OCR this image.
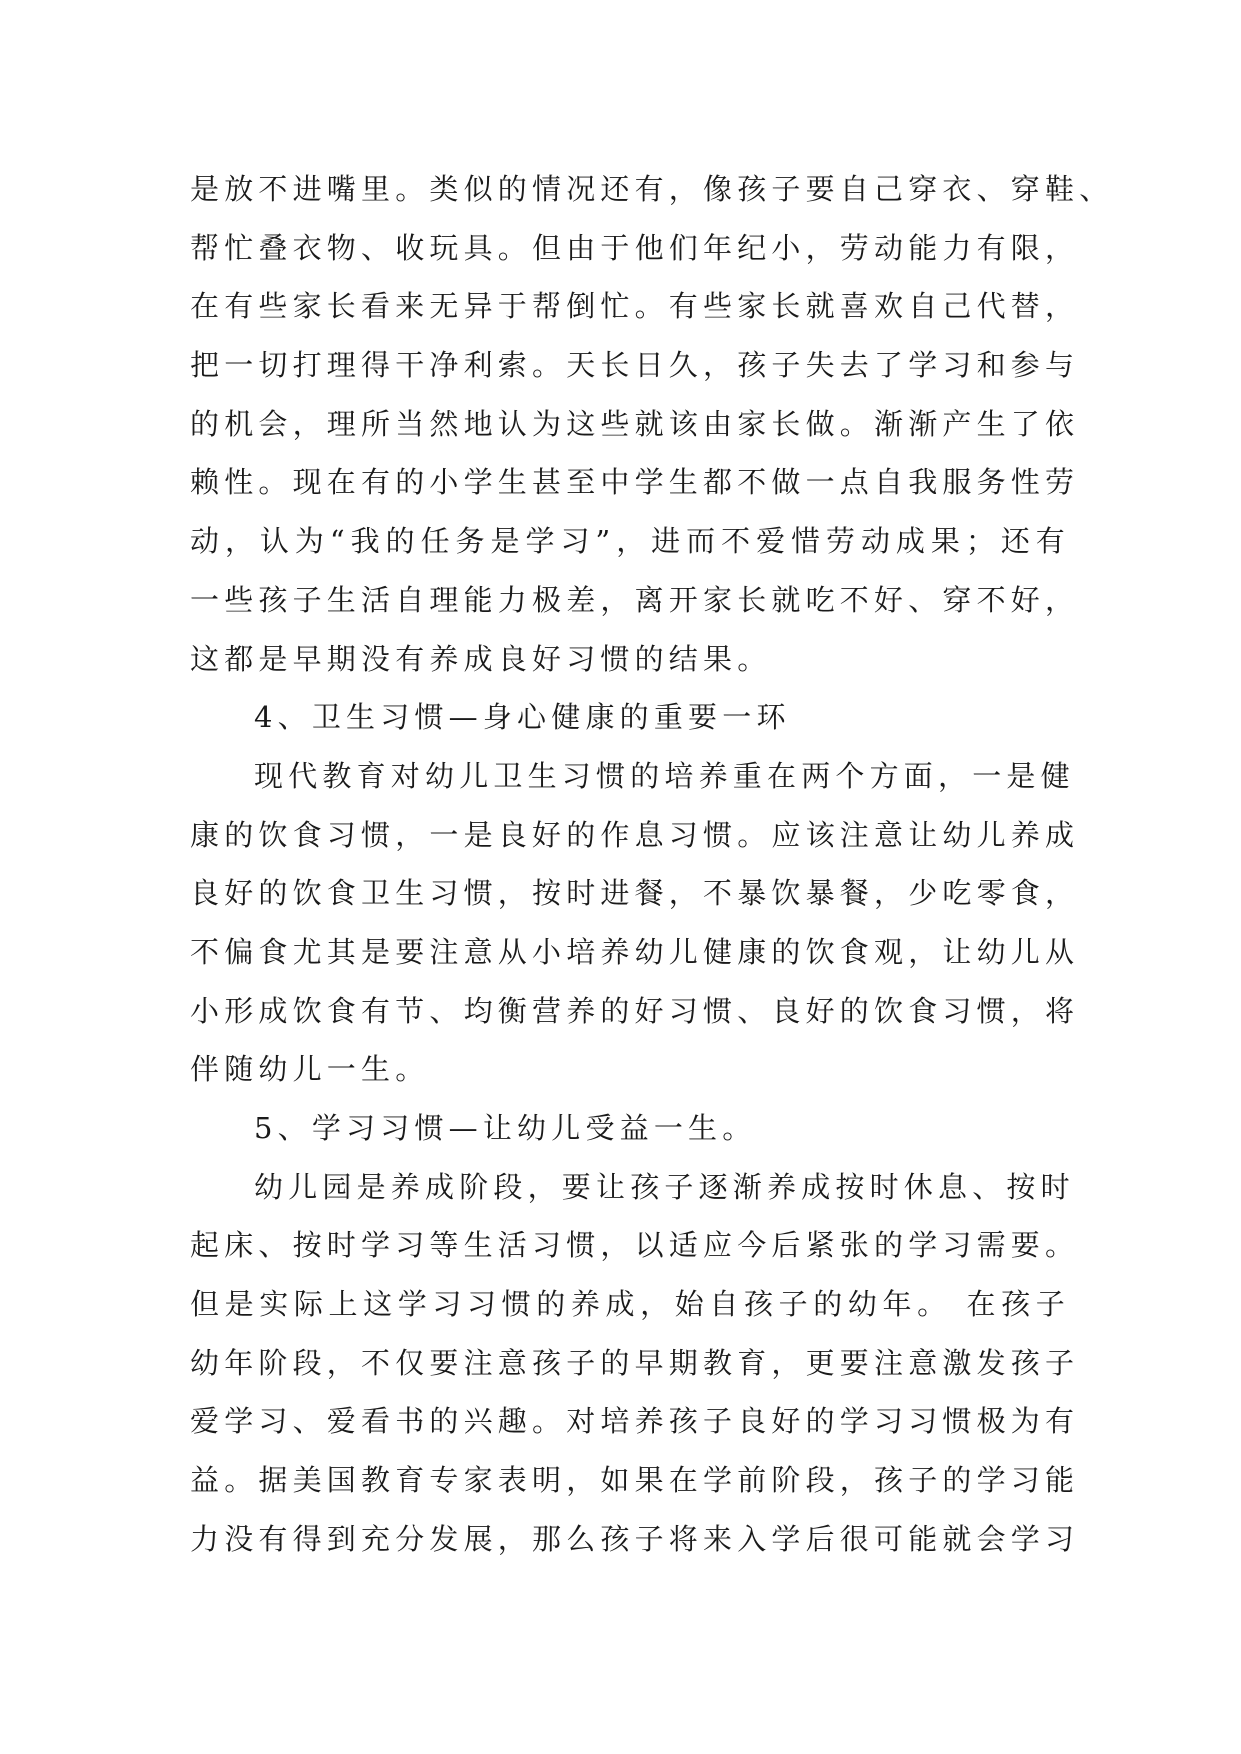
是放不进嘴里。类似的情况还有，像孩子要自己穿衣、穿鞋、
帮忙叠衣物、收玩具。但由于他们年纪小，劳动能力有限，
在有些家长看来无异于帮倒忙。有些家长就喜欢自己代替，
把一切打理得干净利索。天长日久，孩子失去了学习和参与
的机会，理所当然地认为这些就该由家长做。渐渐产生了依
赖性。现在有的小学生甚至中学生都不做一点自我服务性劳
动，认为“我的任务是学习”，进而不爱惜劳动成果；还有
一些孩子生活自理能力极差，离开家长就吃不好、穿不好，
这都是早期没有养成良好习惯的结果。
4、卫生习惯—身心健康的重要一环
现代教育对幼儿卫生习惯的培养重在两个方面，一是健
康的饮食习惯，一是良好的作息习惯。应该注意让幼儿养成
良好的饮食卫生习惯，按时进餐，不暴饮暴餐，少吃零食，
不偏食尤其是要注意从小培养幼儿健康的饮食观，让幼儿从
小形成饮食有节、均衡营养的好习惯、良好的饮食习惯，将
伴随幼儿一生。
5、学习习惯—让幼儿受益一生。
幼儿园是养成阶段，要让孩子逐渐养成按时休息、按时
起床、按时学习等生活习惯，以适应今后紧张的学习需要。
但是实际上这学习习惯的养成，始自孩子的幼年。 在孩子
幼年阶段，不仅要注意孩子的早期教育，更要注意激发孩子
爱学习、爱看书的兴趣。对培养孩子良好的学习习惯极为有
益。据美国教育专家表明，如果在学前阶段，孩子的学习能
力没有得到充分发展，那么孩子将来入学后很可能就会学习
